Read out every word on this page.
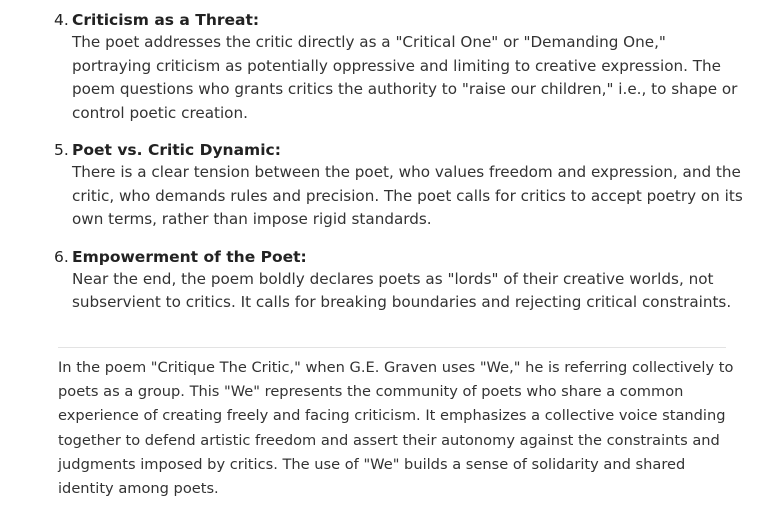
4. Criticism as a Threat:
The poet addresses the critic directly as a "Critical One" or "Demanding One," portraying criticism as potentially oppressive and limiting to creative expression. The poem questions who grants critics the authority to "raise our children," i.e., to shape or control poetic creation.
5. Poet vs. Critic Dynamic:
There is a clear tension between the poet, who values freedom and expression, and the critic, who demands rules and precision. The poet calls for critics to accept poetry on its own terms, rather than impose rigid standards.
6. Empowerment of the Poet:
Near the end, the poem boldly declares poets as "lords" of their creative worlds, not subservient to critics. It calls for breaking boundaries and rejecting critical constraints.
In the poem "Critique The Critic," when G.E. Graven uses "We," he is referring collectively to poets as a group. This "We" represents the community of poets who share a common experience of creating freely and facing criticism. It emphasizes a collective voice standing together to defend artistic freedom and assert their autonomy against the constraints and judgments imposed by critics. The use of "We" builds a sense of solidarity and shared identity among poets.
